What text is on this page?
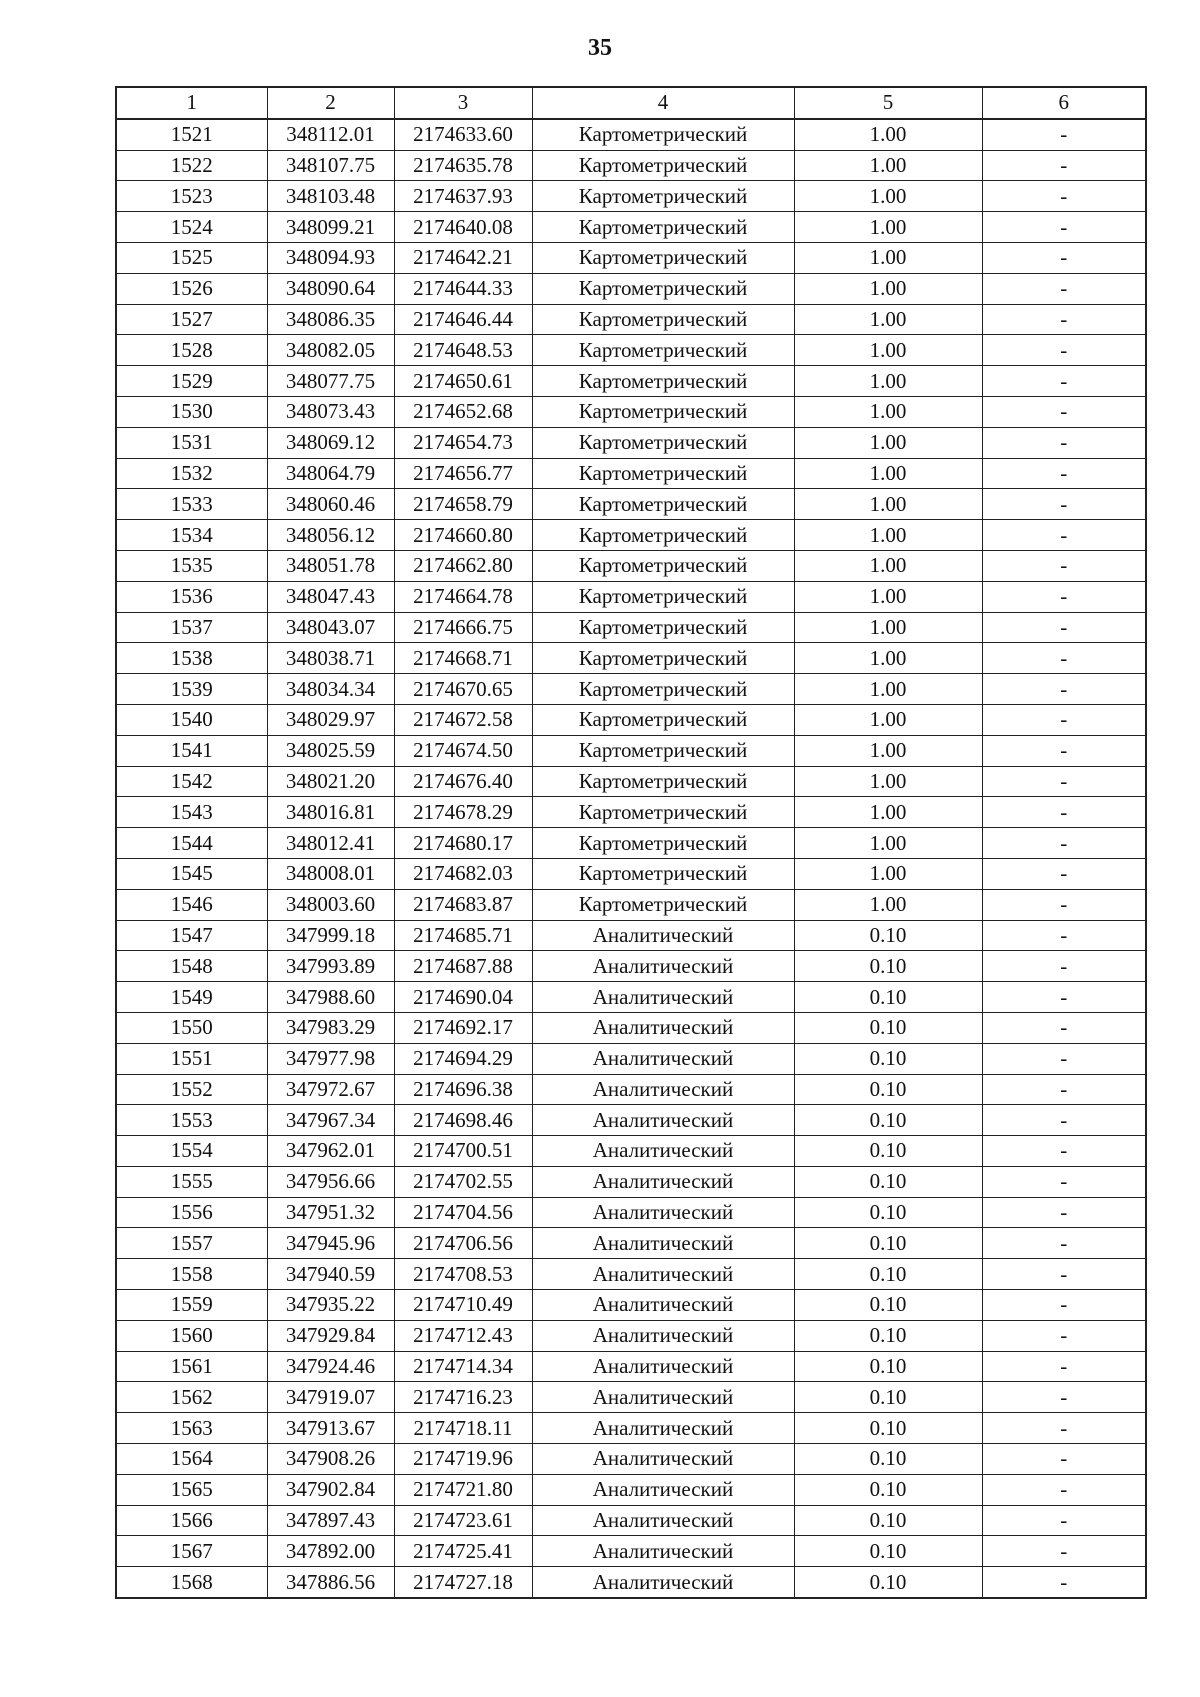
35
1	2	3	4	5	6
1521	348112.01	2174633.60	Картометрический	1.00	-
1522	348107.75	2174635.78	Картометрический	1.00	-
1523	348103.48	2174637.93	Картометрический	1.00	-
1524	348099.21	2174640.08	Картометрический	1.00	-
1525	348094.93	2174642.21	Картометрический	1.00	-
1526	348090.64	2174644.33	Картометрический	1.00	-
1527	348086.35	2174646.44	Картометрический	1.00	-
1528	348082.05	2174648.53	Картометрический	1.00	-
1529	348077.75	2174650.61	Картометрический	1.00	-
1530	348073.43	2174652.68	Картометрический	1.00	-
1531	348069.12	2174654.73	Картометрический	1.00	-
1532	348064.79	2174656.77	Картометрический	1.00	-
1533	348060.46	2174658.79	Картометрический	1.00	-
1534	348056.12	2174660.80	Картометрический	1.00	-
1535	348051.78	2174662.80	Картометрический	1.00	-
1536	348047.43	2174664.78	Картометрический	1.00	-
1537	348043.07	2174666.75	Картометрический	1.00	-
1538	348038.71	2174668.71	Картометрический	1.00	-
1539	348034.34	2174670.65	Картометрический	1.00	-
1540	348029.97	2174672.58	Картометрический	1.00	-
1541	348025.59	2174674.50	Картометрический	1.00	-
1542	348021.20	2174676.40	Картометрический	1.00	-
1543	348016.81	2174678.29	Картометрический	1.00	-
1544	348012.41	2174680.17	Картометрический	1.00	-
1545	348008.01	2174682.03	Картометрический	1.00	-
1546	348003.60	2174683.87	Картометрический	1.00	-
1547	347999.18	2174685.71	Аналитический	0.10	-
1548	347993.89	2174687.88	Аналитический	0.10	-
1549	347988.60	2174690.04	Аналитический	0.10	-
1550	347983.29	2174692.17	Аналитический	0.10	-
1551	347977.98	2174694.29	Аналитический	0.10	-
1552	347972.67	2174696.38	Аналитический	0.10	-
1553	347967.34	2174698.46	Аналитический	0.10	-
1554	347962.01	2174700.51	Аналитический	0.10	-
1555	347956.66	2174702.55	Аналитический	0.10	-
1556	347951.32	2174704.56	Аналитический	0.10	-
1557	347945.96	2174706.56	Аналитический	0.10	-
1558	347940.59	2174708.53	Аналитический	0.10	-
1559	347935.22	2174710.49	Аналитический	0.10	-
1560	347929.84	2174712.43	Аналитический	0.10	-
1561	347924.46	2174714.34	Аналитический	0.10	-
1562	347919.07	2174716.23	Аналитический	0.10	-
1563	347913.67	2174718.11	Аналитический	0.10	-
1564	347908.26	2174719.96	Аналитический	0.10	-
1565	347902.84	2174721.80	Аналитический	0.10	-
1566	347897.43	2174723.61	Аналитический	0.10	-
1567	347892.00	2174725.41	Аналитический	0.10	-
1568	347886.56	2174727.18	Аналитический	0.10	-
